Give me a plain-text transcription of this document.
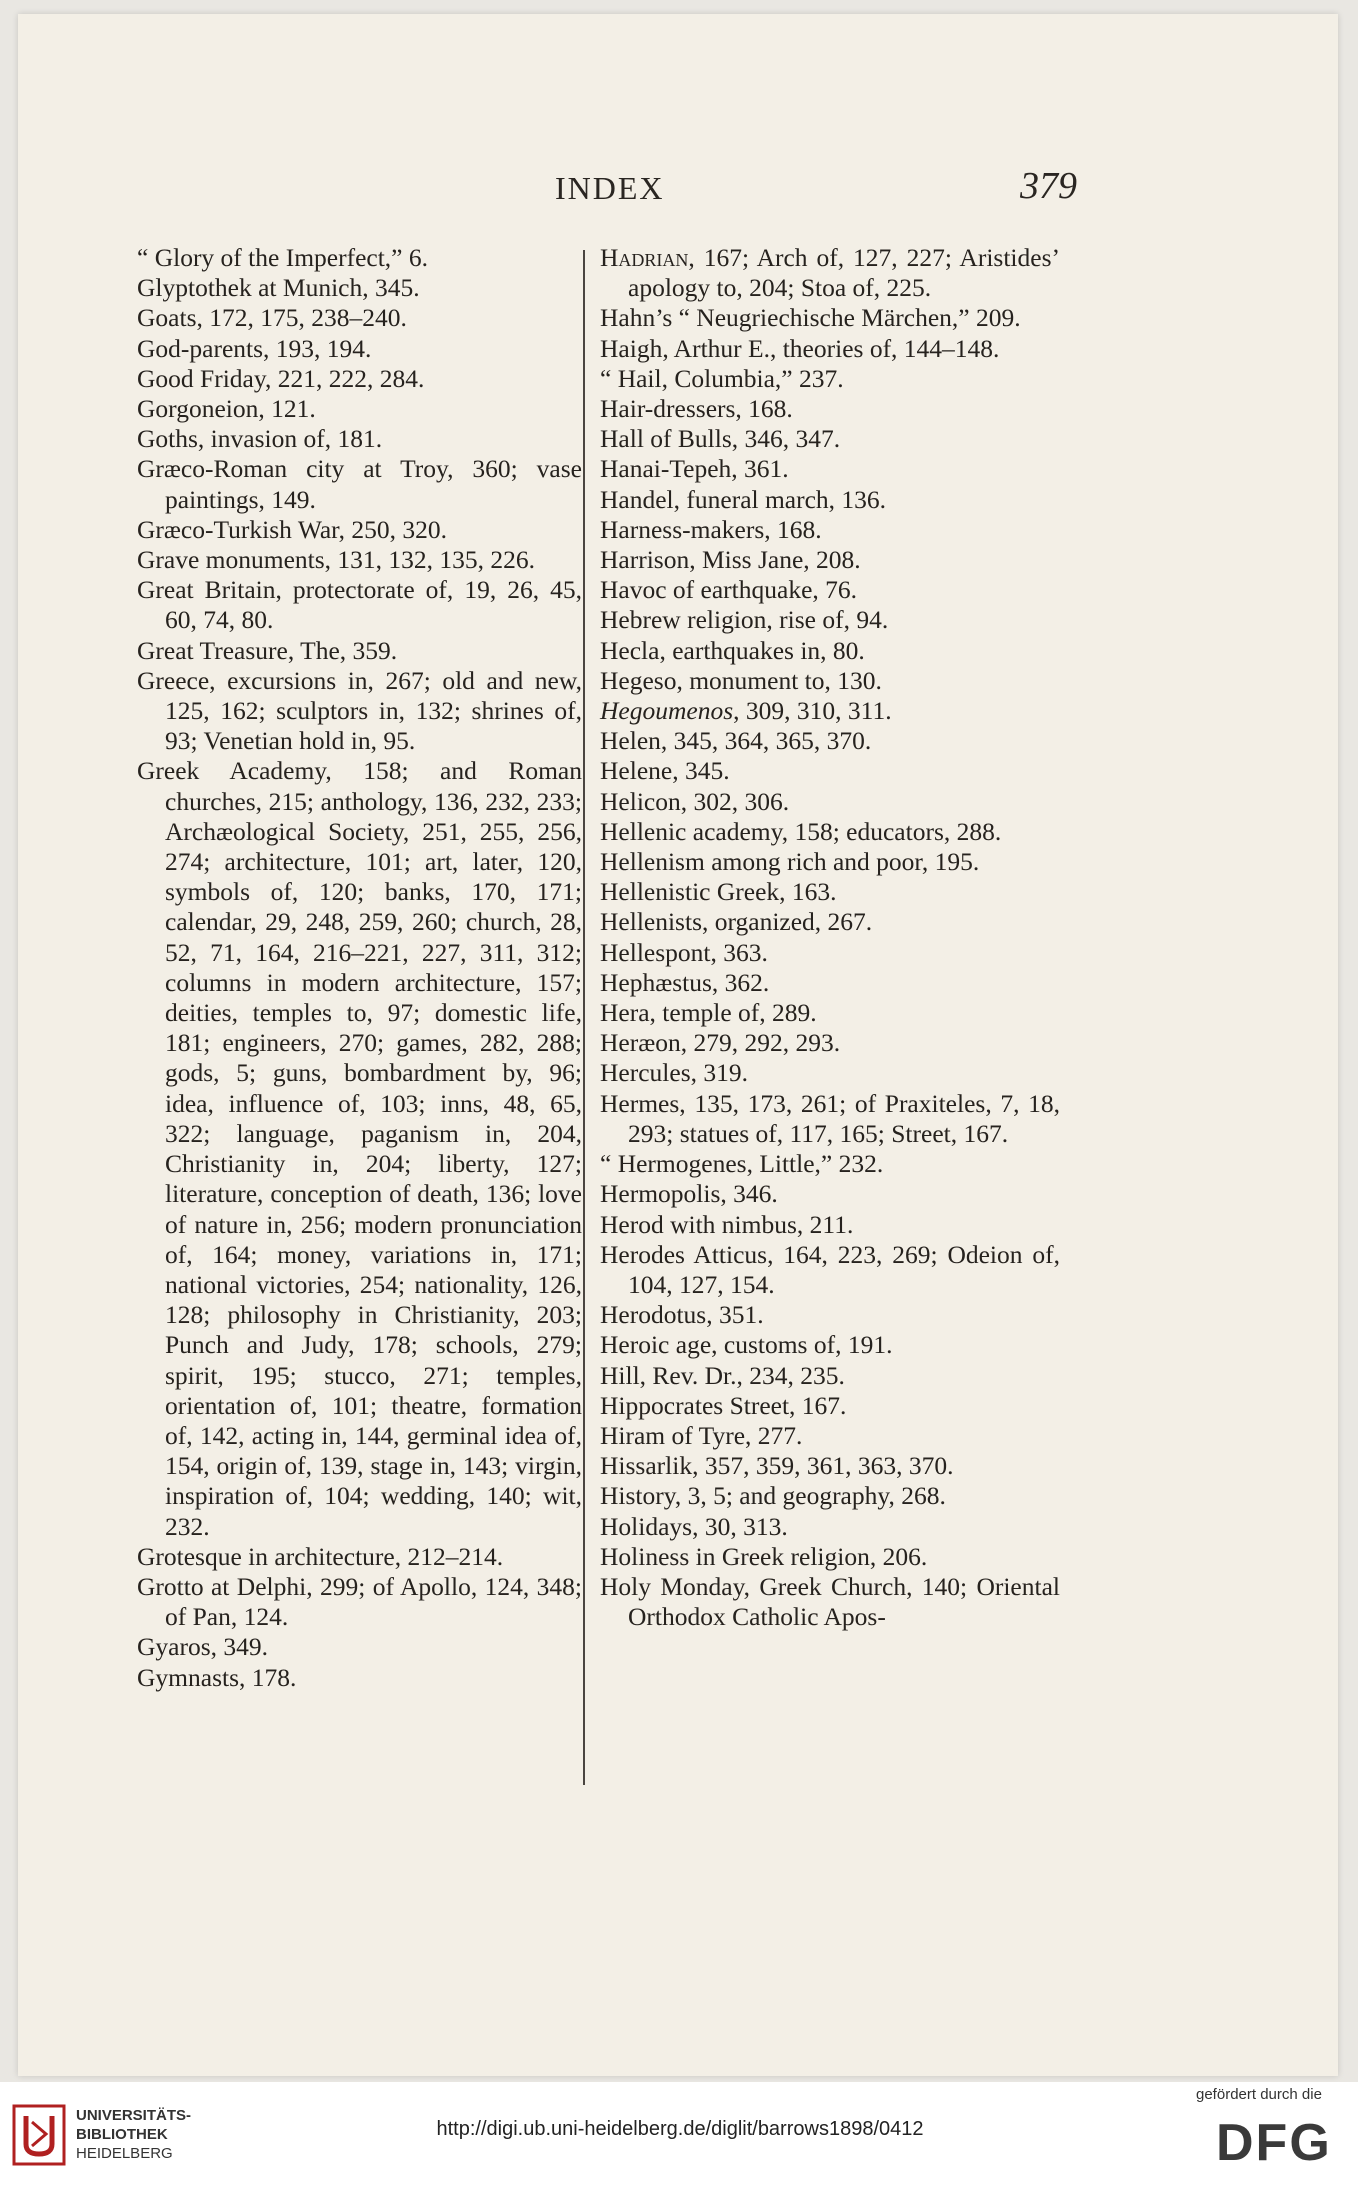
INDEX	379
“ Glory of the Imperfect,” 6.
Glyptothek at Munich, 345.
Goats, 172, 175, 238–240.
God-parents, 193, 194.
Good Friday, 221, 222, 284.
Gorgoneion, 121.
Goths, invasion of, 181.
Græco-Roman city at Troy, 360; vase paintings, 149.
Græco-Turkish War, 250, 320.
Grave monuments, 131, 132, 135, 226.
Great Britain, protectorate of, 19, 26, 45, 60, 74, 80.
Great Treasure, The, 359.
Greece, excursions in, 267; old and new, 125, 162; sculptors in, 132; shrines of, 93; Venetian hold in, 95.
Greek Academy, 158; and Roman churches, 215; anthology, 136, 232, 233; Archæological Society, 251, 255, 256, 274; architecture, 101; art, later, 120, symbols of, 120; banks, 170, 171; calendar, 29, 248, 259, 260; church, 28, 52, 71, 164, 216–221, 227, 311, 312; columns in modern architecture, 157; deities, temples to, 97; domestic life, 181; engineers, 270; games, 282, 288; gods, 5; guns, bombardment by, 96; idea, influence of, 103; inns, 48, 65, 322; language, paganism in, 204, Christianity in, 204; liberty, 127; literature, conception of death, 136; love of nature in, 256; modern pronunciation of, 164; money, variations in, 171; national victories, 254; nationality, 126, 128; philosophy in Christianity, 203; Punch and Judy, 178; schools, 279; spirit, 195; stucco, 271; temples, orientation of, 101; theatre, formation of, 142, acting in, 144, germinal idea of, 154, origin of, 139, stage in, 143; virgin, inspiration of, 104; wedding, 140; wit, 232.
Grotesque in architecture, 212–214.
Grotto at Delphi, 299; of Apollo, 124, 348; of Pan, 124.
Gyaros, 349.
Gymnasts, 178.
Hadrian, 167; Arch of, 127, 227; Aristides’ apology to, 204; Stoa of, 225.
Hahn’s “ Neugriechische Märchen,” 209.
Haigh, Arthur E., theories of, 144–148.
“ Hail, Columbia,” 237.
Hair-dressers, 168.
Hall of Bulls, 346, 347.
Hanai-Tepeh, 361.
Handel, funeral march, 136.
Harness-makers, 168.
Harrison, Miss Jane, 208.
Havoc of earthquake, 76.
Hebrew religion, rise of, 94.
Hecla, earthquakes in, 80.
Hegeso, monument to, 130.
Hegoumenos, 309, 310, 311.
Helen, 345, 364, 365, 370.
Helene, 345.
Helicon, 302, 306.
Hellenic academy, 158; educators, 288.
Hellenism among rich and poor, 195.
Hellenistic Greek, 163.
Hellenists, organized, 267.
Hellespont, 363.
Hephæstus, 362.
Hera, temple of, 289.
Heræon, 279, 292, 293.
Hercules, 319.
Hermes, 135, 173, 261; of Praxiteles, 7, 18, 293; statues of, 117, 165; Street, 167.
“ Hermogenes, Little,” 232.
Hermopolis, 346.
Herod with nimbus, 211.
Herodes Atticus, 164, 223, 269; Odeion of, 104, 127, 154.
Herodotus, 351.
Heroic age, customs of, 191.
Hill, Rev. Dr., 234, 235.
Hippocrates Street, 167.
Hiram of Tyre, 277.
Hissarlik, 357, 359, 361, 363, 370.
History, 3, 5; and geography, 268.
Holidays, 30, 313.
Holiness in Greek religion, 206.
Holy Monday, Greek Church, 140; Oriental Orthodox Catholic Apos-
UNIVERSITÄTS-
BIBLIOTHEK
HEIDELBERG
http://digi.ub.uni-heidelberg.de/diglit/barrows1898/0412
gefördert durch die
DFG
